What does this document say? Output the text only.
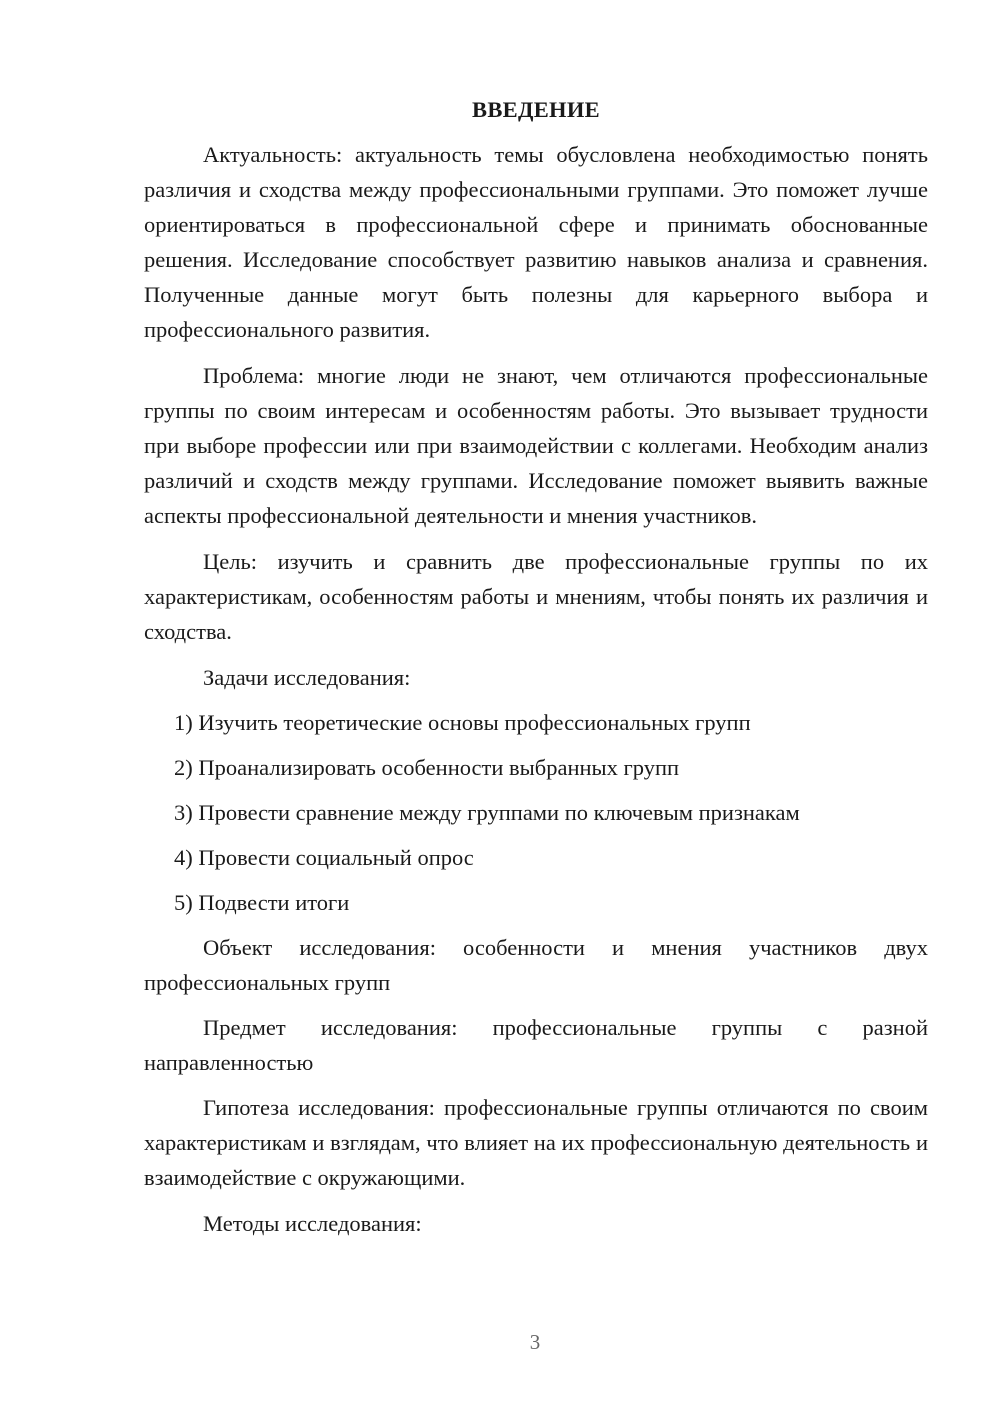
ВВЕДЕНИЕ

Актуальность: актуальность темы обусловлена необходимостью понять различия и сходства между профессиональными группами. Это поможет лучше ориентироваться в профессиональной сфере и принимать обоснованные решения. Исследование способствует развитию навыков анализа и сравнения. Полученные данные могут быть полезны для карьерного выбора и профессионального развития.

Проблема: многие люди не знают, чем отличаются профессиональные группы по своим интересам и особенностям работы. Это вызывает трудности при выборе профессии или при взаимодействии с коллегами. Необходим анализ различий и сходств между группами. Исследование поможет выявить важные аспекты профессиональной деятельности и мнения участников.

Цель: изучить и сравнить две профессиональные группы по их характеристикам, особенностям работы и мнениям, чтобы понять их различия и сходства.

Задачи исследования:

1) Изучить теоретические основы профессиональных групп
2) Проанализировать особенности выбранных групп
3) Провести сравнение между группами по ключевым признакам
4) Провести социальный опрос
5) Подвести итоги

Объект исследования: особенности и мнения участников двух профессиональных групп

Предмет исследования: профессиональные группы с разной направленностью

Гипотеза исследования: профессиональные группы отличаются по своим характеристикам и взглядам, что влияет на их профессиональную деятельность и взаимодействие с окружающими.

Методы исследования:

3
